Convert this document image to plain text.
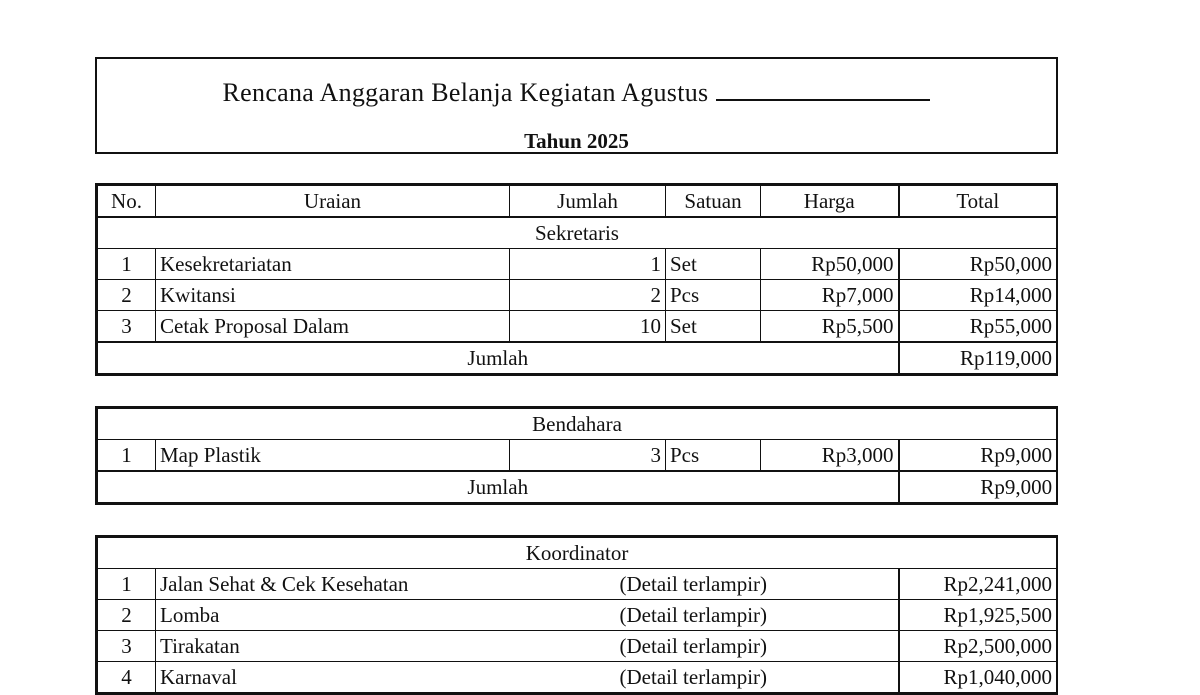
Rencana Anggaran Belanja Kegiatan Agustus
Tahun 2025
No.	Uraian	Jumlah	Satuan	Harga	Total
Sekretaris					
1	Kesekretariatan	1	Set	Rp50,000	Rp50,000
2	Kwitansi	2	Pcs	Rp7,000	Rp14,000
3	Cetak Proposal Dalam	10	Set	Rp5,500	Rp55,000
Jumlah					Rp119,000
Bendahara					
1	Map Plastik	3	Pcs	Rp3,000	Rp9,000
Jumlah					Rp9,000
Koordinator			
1	Jalan Sehat & Cek Kesehatan	(Detail terlampir)	Rp2,241,000
2	Lomba	(Detail terlampir)	Rp1,925,500
3	Tirakatan	(Detail terlampir)	Rp2,500,000
4	Karnaval	(Detail terlampir)	Rp1,040,000
